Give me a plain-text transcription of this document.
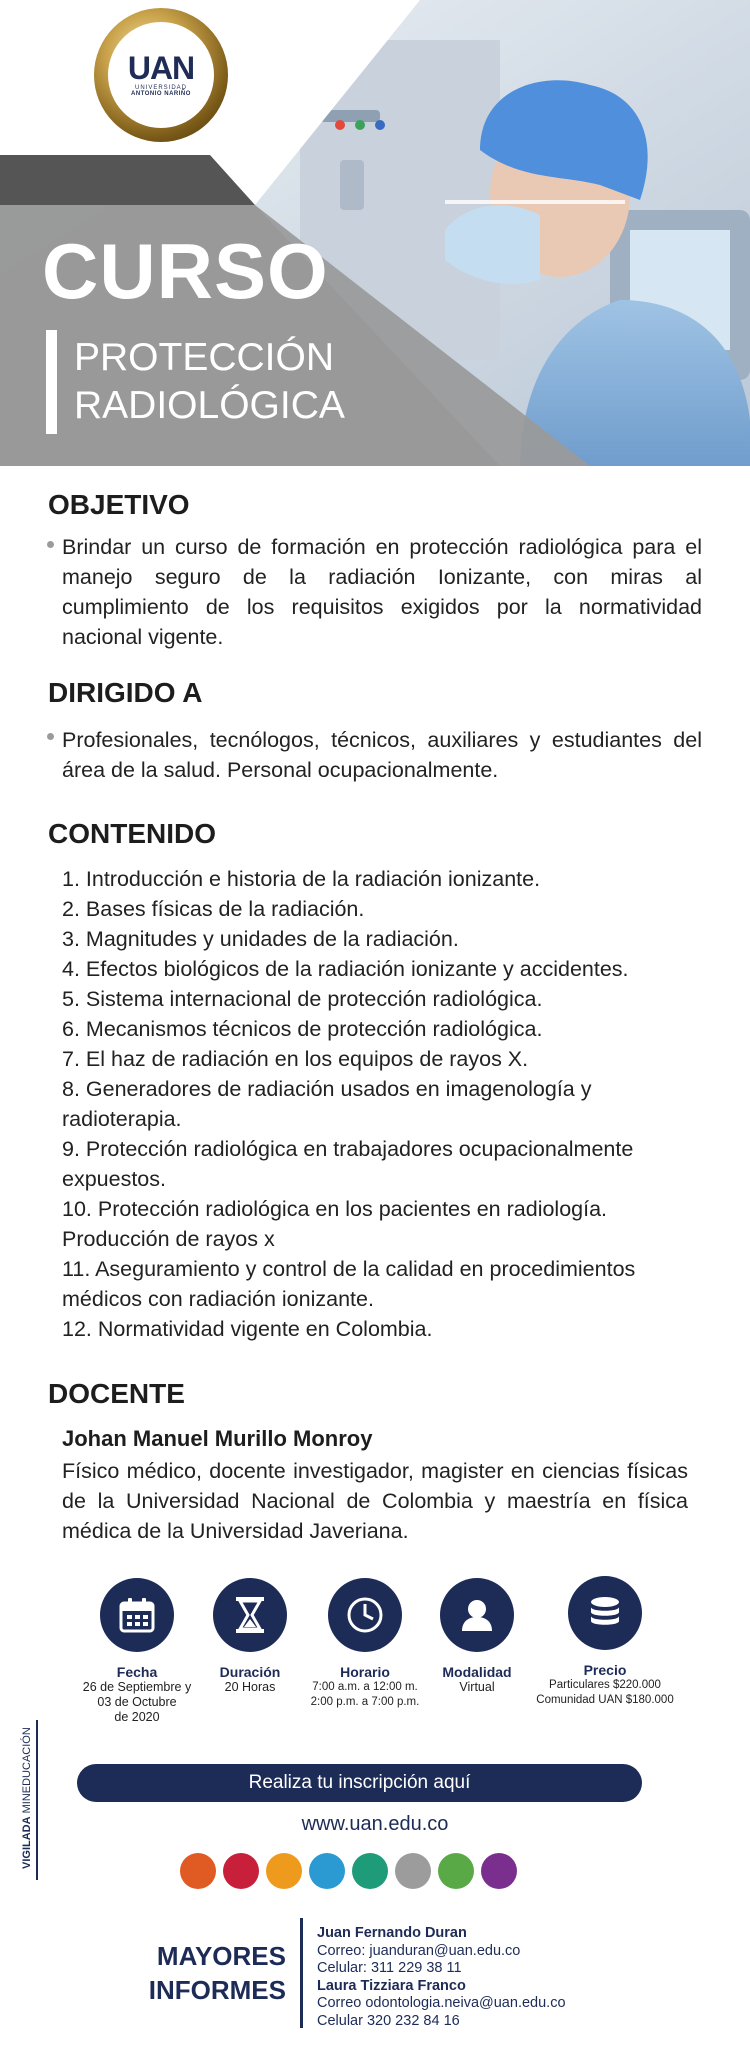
UAN
UNIVERSIDAD
ANTONIO NARIÑO
CURSO
PROTECCIÓN
RADIOLÓGICA
OBJETIVO
Brindar un curso de formación en protección radiológica para el manejo seguro de la radiación Ionizante, con miras al cumplimiento de los requisitos exigidos por la normatividad nacional vigente.
DIRIGIDO A
Profesionales, tecnólogos, técnicos, auxiliares y estudiantes del área de la salud. Personal ocupacionalmente.
CONTENIDO
1. Introducción e historia de la radiación ionizante.
2. Bases físicas de la radiación.
3. Magnitudes y unidades de la radiación.
4. Efectos biológicos de la radiación ionizante y accidentes.
5. Sistema internacional de protección radiológica.
6. Mecanismos técnicos de protección radiológica.
7. El haz de radiación en los equipos de rayos X.
8. Generadores de radiación usados en imagenología y radioterapia.
9. Protección radiológica en trabajadores ocupacionalmente expuestos.
10. Protección radiológica en los pacientes en radiología. Producción de rayos x
11. Aseguramiento y control de la calidad en procedimientos médicos con radiación ionizante.
12. Normatividad vigente en Colombia.
DOCENTE
Johan Manuel Murillo Monroy
Físico médico, docente investigador, magister en ciencias físicas de la Universidad Nacional de Colombia y maestría en física médica de la Universidad Javeriana.
Fecha
26 de Septiembre y
03 de Octubre
de 2020
Duración
20 Horas
Horario
7:00 a.m. a 12:00 m.
2:00 p.m. a 7:00 p.m.
Modalidad
Virtual
Precio
Particulares $220.000
Comunidad UAN $180.000
VIGILADA MINEDUCACIÓN	Realiza tu inscripción aquí
www.uan.edu.co
MAYORES
INFORMES
Juan Fernando Duran
Correo: juanduran@uan.edu.co
Celular: 311 229 38 11
Laura Tizziara Franco
Correo odontologia.neiva@uan.edu.co
Celular 320 232 84 16
